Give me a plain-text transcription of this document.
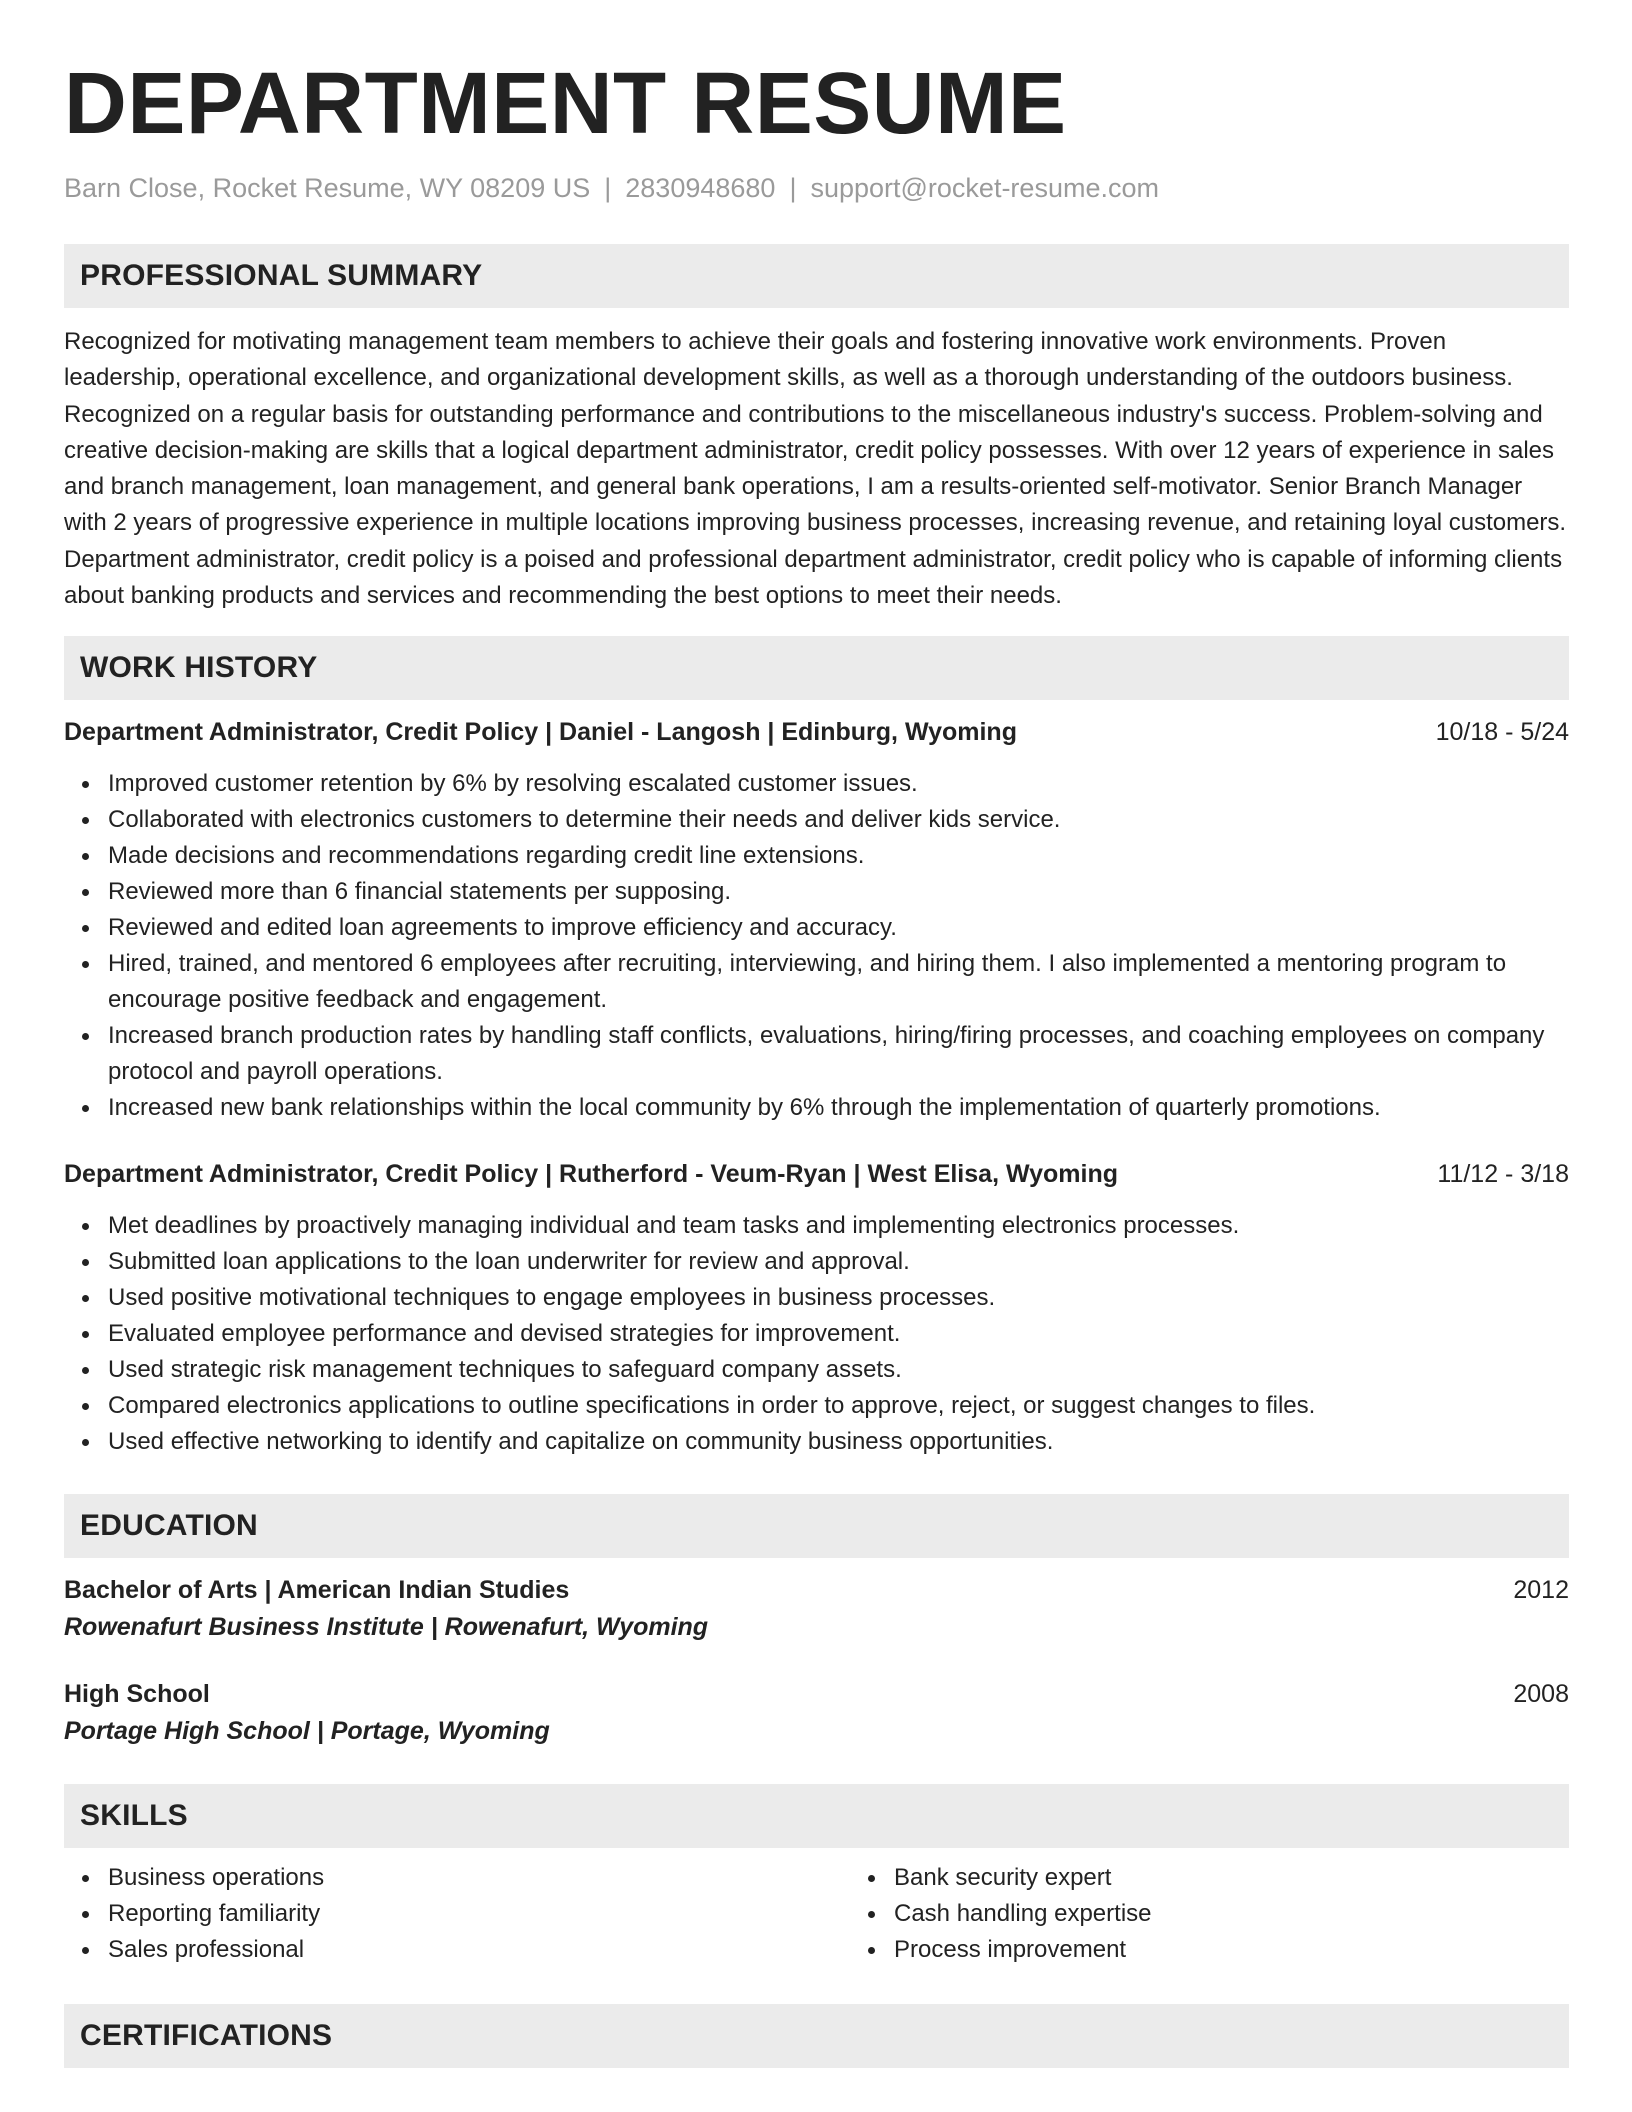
DEPARTMENT RESUME
Barn Close, Rocket Resume, WY 08209 US | 2830948680 | support@rocket-resume.com
PROFESSIONAL SUMMARY

Recognized for motivating management team members to achieve their goals and fostering innovative work environments. Proven leadership, operational excellence, and organizational development skills, as well as a thorough understanding of the outdoors business. Recognized on a regular basis for outstanding performance and contributions to the miscellaneous industry's success. Problem-solving and creative decision-making are skills that a logical department administrator, credit policy possesses. With over 12 years of experience in sales and branch management, loan management, and general bank operations, I am a results-oriented self-motivator. Senior Branch Manager with 2 years of progressive experience in multiple locations improving business processes, increasing revenue, and retaining loyal customers. Department administrator, credit policy is a poised and professional department administrator, credit policy who is capable of informing clients about banking products and services and recommending the best options to meet their needs.

WORK HISTORY
Department Administrator, Credit Policy | Daniel - Langosh | Edinburg, Wyoming	10/18 - 5/24
Improved customer retention by 6% by resolving escalated customer issues.
Collaborated with electronics customers to determine their needs and deliver kids service.
Made decisions and recommendations regarding credit line extensions.
Reviewed more than 6 financial statements per supposing.
Reviewed and edited loan agreements to improve efficiency and accuracy.
Hired, trained, and mentored 6 employees after recruiting, interviewing, and hiring them. I also implemented a mentoring program to encourage positive feedback and engagement.
Increased branch production rates by handling staff conflicts, evaluations, hiring/firing processes, and coaching employees on company protocol and payroll operations.
Increased new bank relationships within the local community by 6% through the implementation of quarterly promotions.
Department Administrator, Credit Policy | Rutherford - Veum-Ryan | West Elisa, Wyoming	11/12 - 3/18
Met deadlines by proactively managing individual and team tasks and implementing electronics processes.
Submitted loan applications to the loan underwriter for review and approval.
Used positive motivational techniques to engage employees in business processes.
Evaluated employee performance and devised strategies for improvement.
Used strategic risk management techniques to safeguard company assets.
Compared electronics applications to outline specifications in order to approve, reject, or suggest changes to files.
Used effective networking to identify and capitalize on community business opportunities.
EDUCATION
Bachelor of Arts | American Indian Studies	2012
Rowenafurt Business Institute | Rowenafurt, Wyoming
High School	2008
Portage High School | Portage, Wyoming
SKILLS
Business operations
Reporting familiarity
Sales professional
Bank security expert
Cash handling expertise
Process improvement
CERTIFICATIONS
